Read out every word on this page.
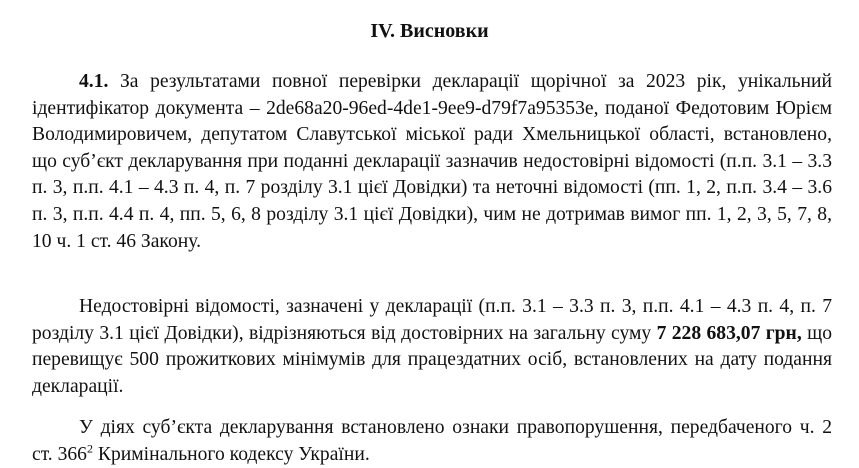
IV. Висновки

4.1. За результатами повної перевірки декларації щорічної за 2023 рік, унікальний ідентифікатор документа – 2de68a20-96ed-4de1-9ee9-d79f7a95353e, поданої Федотовим Юрієм Володимировичем, депутатом Славутської міської ради Хмельницької області, встановлено, що суб’єкт декларування при поданні декларації зазначив недостовірні відомості (п.п. 3.1 – 3.3 п. 3, п.п. 4.1 – 4.3 п. 4, п. 7 розділу 3.1 цієї Довідки) та неточні відомості (пп. 1, 2, п.п. 3.4 – 3.6 п. 3, п.п. 4.4 п. 4, пп. 5, 6, 8 розділу 3.1 цієї Довідки), чим не дотримав вимог пп. 1, 2, 3, 5, 7, 8, 10 ч. 1 ст. 46 Закону.

Недостовірні відомості, зазначені у декларації (п.п. 3.1 – 3.3 п. 3, п.п. 4.1 – 4.3 п. 4, п. 7 розділу 3.1 цієї Довідки), відрізняються від достовірних на загальну суму 7 228 683,07 грн, що перевищує 500 прожиткових мінімумів для працездатних осіб, встановлених на дату подання декларації.

У діях суб’єкта декларування встановлено ознаки правопорушення, передбаченого ч. 2 ст. $366^2$ Кримінального кодексу України.
